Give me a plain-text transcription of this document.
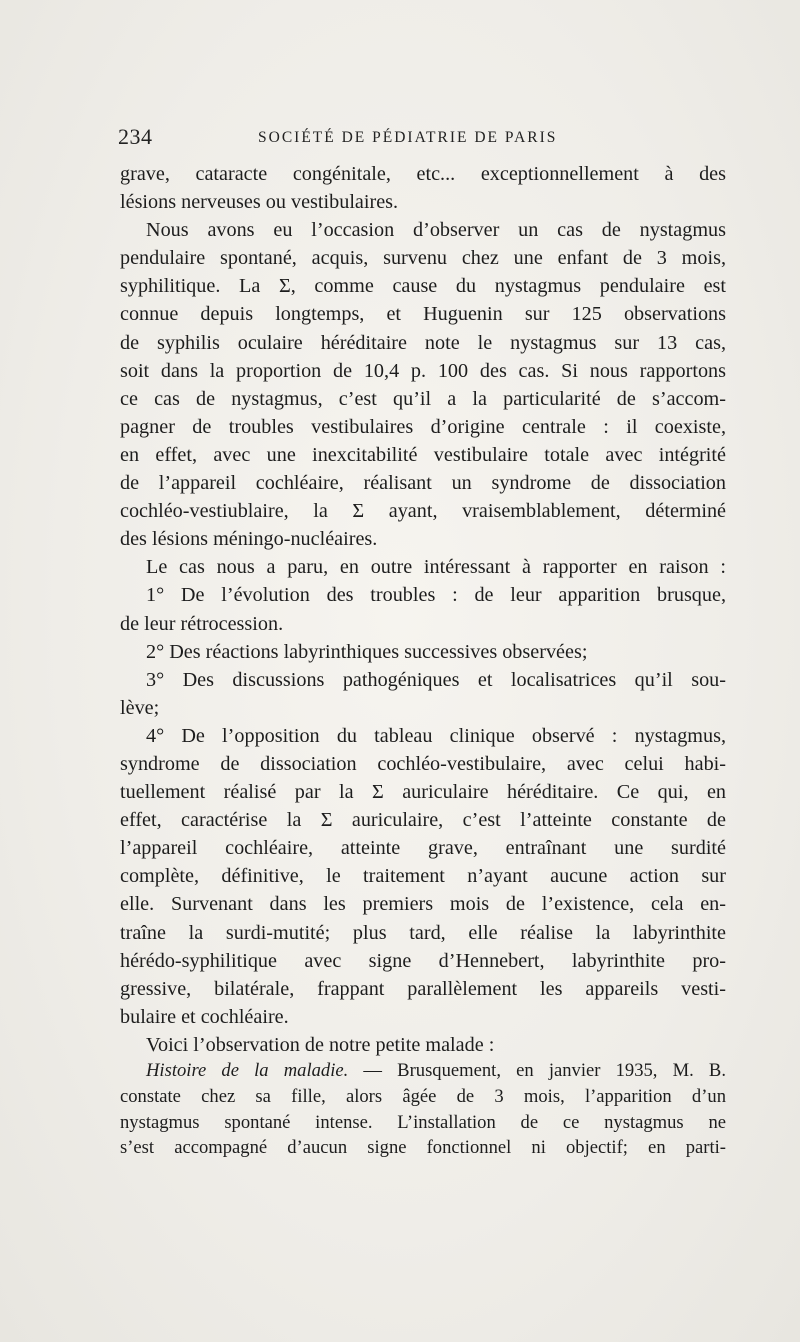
234	SOCIÉTÉ DE PÉDIATRIE DE PARIS
grave, cataracte congénitale, etc... exceptionnellement à des
lésions nerveuses ou vestibulaires.
Nous avons eu l’occasion d’observer un cas de nystagmus
pendulaire spontané, acquis, survenu chez une enfant de 3 mois,
syphilitique. La Σ, comme cause du nystagmus pendulaire est
connue depuis longtemps, et Huguenin sur 125 observations
de syphilis oculaire héréditaire note le nystagmus sur 13 cas,
soit dans la proportion de 10,4 p. 100 des cas. Si nous rapportons
ce cas de nystagmus, c’est qu’il a la particularité de s’accom-
pagner de troubles vestibulaires d’origine centrale : il coexiste,
en effet, avec une inexcitabilité vestibulaire totale avec intégrité
de l’appareil cochléaire, réalisant un syndrome de dissociation
cochléo-vestiublaire, la Σ ayant, vraisemblablement, déterminé
des lésions méningo-nucléaires.
Le cas nous a paru, en outre intéressant à rapporter en raison :
1° De l’évolution des troubles : de leur apparition brusque,
de leur rétrocession.
2° Des réactions labyrinthiques successives observées;
3° Des discussions pathogéniques et localisatrices qu’il sou-
lève;
4° De l’opposition du tableau clinique observé : nystagmus,
syndrome de dissociation cochléo-vestibulaire, avec celui habi-
tuellement réalisé par la Σ auriculaire héréditaire. Ce qui, en
effet, caractérise la Σ auriculaire, c’est l’atteinte constante de
l’appareil cochléaire, atteinte grave, entraînant une surdité
complète, définitive, le traitement n’ayant aucune action sur
elle. Survenant dans les premiers mois de l’existence, cela en-
traîne la surdi-mutité; plus tard, elle réalise la labyrinthite
hérédo-syphilitique avec signe d’Hennebert, labyrinthite pro-
gressive, bilatérale, frappant parallèlement les appareils vesti-
bulaire et cochléaire.
Voici l’observation de notre petite malade :
Histoire de la maladie. — Brusquement, en janvier 1935, M. B.
constate chez sa fille, alors âgée de 3 mois, l’apparition d’un
nystagmus spontané intense. L’installation de ce nystagmus ne
s’est accompagné d’aucun signe fonctionnel ni objectif; en parti-
